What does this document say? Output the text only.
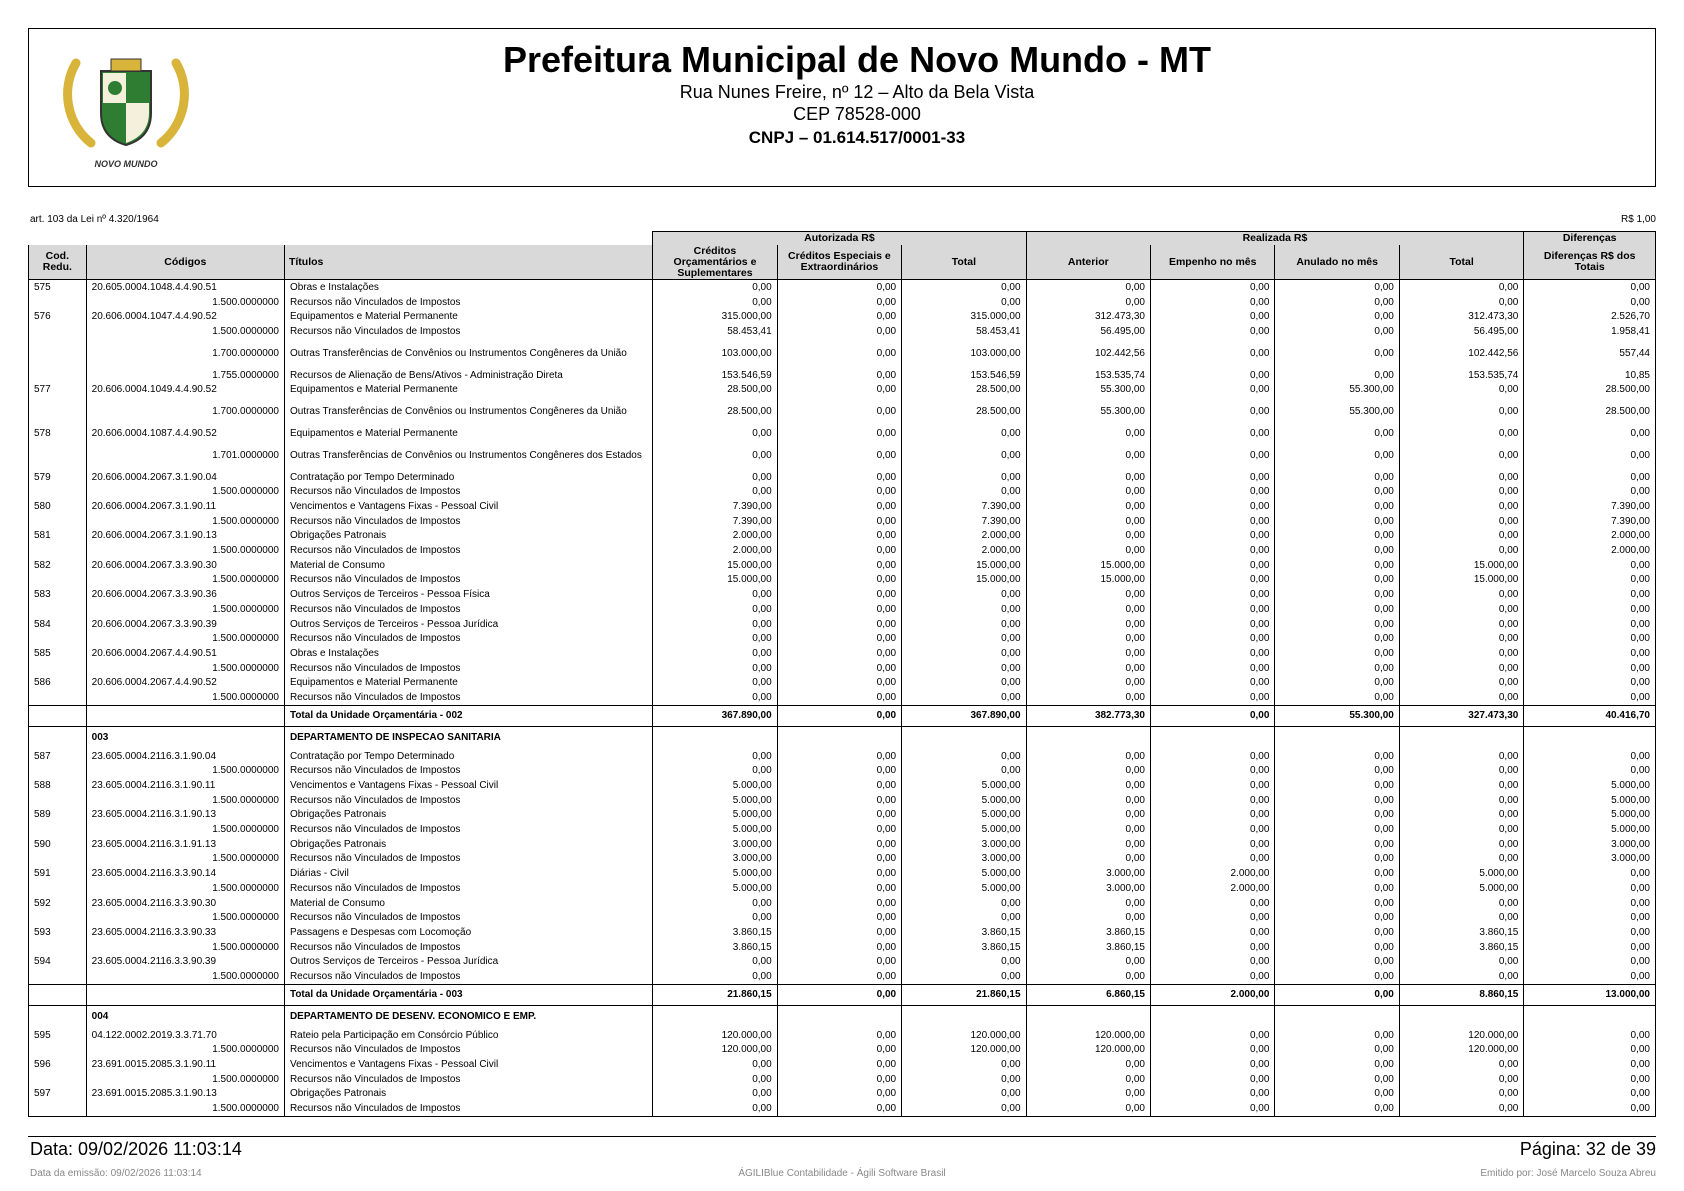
NOVO MUNDO
Prefeitura Municipal de Novo Mundo - MT
Rua Nunes Freire, nº 12 – Alto da Bela Vista
CEP 78528-000
CNPJ – 01.614.517/0001-33
art. 103 da Lei nº 4.320/1964	R$ 1,00
			Autorizada R$			Realizada R$				Diferenças
Cod. Redu.	Códigos	Títulos	Créditos Orçamentários e Suplementares	Créditos Especiais e Extraordinários	Total	Anterior	Empenho no mês	Anulado no mês	Total	Diferenças R$ dos Totais
575	20.605.0004.1048.4.4.90.51	Obras e Instalações	0,00	0,00	0,00	0,00	0,00	0,00	0,00	0,00
	1.500.0000000	Recursos não Vinculados de Impostos	0,00	0,00	0,00	0,00	0,00	0,00	0,00	0,00
576	20.606.0004.1047.4.4.90.52	Equipamentos e Material Permanente	315.000,00	0,00	315.000,00	312.473,30	0,00	0,00	312.473,30	2.526,70
	1.500.0000000	Recursos não Vinculados de Impostos	58.453,41	0,00	58.453,41	56.495,00	0,00	0,00	56.495,00	1.958,41
	1.700.0000000	Outras Transferências de Convênios ou Instrumentos Congêneres da União	103.000,00	0,00	103.000,00	102.442,56	0,00	0,00	102.442,56	557,44
	1.755.0000000	Recursos de Alienação de Bens/Ativos - Administração Direta	153.546,59	0,00	153.546,59	153.535,74	0,00	0,00	153.535,74	10,85
577	20.606.0004.1049.4.4.90.52	Equipamentos e Material Permanente	28.500,00	0,00	28.500,00	55.300,00	0,00	55.300,00	0,00	28.500,00
	1.700.0000000	Outras Transferências de Convênios ou Instrumentos Congêneres da União	28.500,00	0,00	28.500,00	55.300,00	0,00	55.300,00	0,00	28.500,00
578	20.606.0004.1087.4.4.90.52	Equipamentos e Material Permanente	0,00	0,00	0,00	0,00	0,00	0,00	0,00	0,00
	1.701.0000000	Outras Transferências de Convênios ou Instrumentos Congêneres dos Estados	0,00	0,00	0,00	0,00	0,00	0,00	0,00	0,00
579	20.606.0004.2067.3.1.90.04	Contratação por Tempo Determinado	0,00	0,00	0,00	0,00	0,00	0,00	0,00	0,00
	1.500.0000000	Recursos não Vinculados de Impostos	0,00	0,00	0,00	0,00	0,00	0,00	0,00	0,00
580	20.606.0004.2067.3.1.90.11	Vencimentos e Vantagens Fixas - Pessoal Civil	7.390,00	0,00	7.390,00	0,00	0,00	0,00	0,00	7.390,00
	1.500.0000000	Recursos não Vinculados de Impostos	7.390,00	0,00	7.390,00	0,00	0,00	0,00	0,00	7.390,00
581	20.606.0004.2067.3.1.90.13	Obrigações Patronais	2.000,00	0,00	2.000,00	0,00	0,00	0,00	0,00	2.000,00
	1.500.0000000	Recursos não Vinculados de Impostos	2.000,00	0,00	2.000,00	0,00	0,00	0,00	0,00	2.000,00
582	20.606.0004.2067.3.3.90.30	Material de Consumo	15.000,00	0,00	15.000,00	15.000,00	0,00	0,00	15.000,00	0,00
	1.500.0000000	Recursos não Vinculados de Impostos	15.000,00	0,00	15.000,00	15.000,00	0,00	0,00	15.000,00	0,00
583	20.606.0004.2067.3.3.90.36	Outros Serviços de Terceiros - Pessoa Física	0,00	0,00	0,00	0,00	0,00	0,00	0,00	0,00
	1.500.0000000	Recursos não Vinculados de Impostos	0,00	0,00	0,00	0,00	0,00	0,00	0,00	0,00
584	20.606.0004.2067.3.3.90.39	Outros Serviços de Terceiros - Pessoa Jurídica	0,00	0,00	0,00	0,00	0,00	0,00	0,00	0,00
	1.500.0000000	Recursos não Vinculados de Impostos	0,00	0,00	0,00	0,00	0,00	0,00	0,00	0,00
585	20.606.0004.2067.4.4.90.51	Obras e Instalações	0,00	0,00	0,00	0,00	0,00	0,00	0,00	0,00
	1.500.0000000	Recursos não Vinculados de Impostos	0,00	0,00	0,00	0,00	0,00	0,00	0,00	0,00
586	20.606.0004.2067.4.4.90.52	Equipamentos e Material Permanente	0,00	0,00	0,00	0,00	0,00	0,00	0,00	0,00
	1.500.0000000	Recursos não Vinculados de Impostos	0,00	0,00	0,00	0,00	0,00	0,00	0,00	0,00
		Total da Unidade Orçamentária - 002	367.890,00	0,00	367.890,00	382.773,30	0,00	55.300,00	327.473,30	40.416,70
	003	DEPARTAMENTO DE INSPECAO SANITARIA								
587	23.605.0004.2116.3.1.90.04	Contratação por Tempo Determinado	0,00	0,00	0,00	0,00	0,00	0,00	0,00	0,00
	1.500.0000000	Recursos não Vinculados de Impostos	0,00	0,00	0,00	0,00	0,00	0,00	0,00	0,00
588	23.605.0004.2116.3.1.90.11	Vencimentos e Vantagens Fixas - Pessoal Civil	5.000,00	0,00	5.000,00	0,00	0,00	0,00	0,00	5.000,00
	1.500.0000000	Recursos não Vinculados de Impostos	5.000,00	0,00	5.000,00	0,00	0,00	0,00	0,00	5.000,00
589	23.605.0004.2116.3.1.90.13	Obrigações Patronais	5.000,00	0,00	5.000,00	0,00	0,00	0,00	0,00	5.000,00
	1.500.0000000	Recursos não Vinculados de Impostos	5.000,00	0,00	5.000,00	0,00	0,00	0,00	0,00	5.000,00
590	23.605.0004.2116.3.1.91.13	Obrigações Patronais	3.000,00	0,00	3.000,00	0,00	0,00	0,00	0,00	3.000,00
	1.500.0000000	Recursos não Vinculados de Impostos	3.000,00	0,00	3.000,00	0,00	0,00	0,00	0,00	3.000,00
591	23.605.0004.2116.3.3.90.14	Diárias - Civil	5.000,00	0,00	5.000,00	3.000,00	2.000,00	0,00	5.000,00	0,00
	1.500.0000000	Recursos não Vinculados de Impostos	5.000,00	0,00	5.000,00	3.000,00	2.000,00	0,00	5.000,00	0,00
592	23.605.0004.2116.3.3.90.30	Material de Consumo	0,00	0,00	0,00	0,00	0,00	0,00	0,00	0,00
	1.500.0000000	Recursos não Vinculados de Impostos	0,00	0,00	0,00	0,00	0,00	0,00	0,00	0,00
593	23.605.0004.2116.3.3.90.33	Passagens e Despesas com Locomoção	3.860,15	0,00	3.860,15	3.860,15	0,00	0,00	3.860,15	0,00
	1.500.0000000	Recursos não Vinculados de Impostos	3.860,15	0,00	3.860,15	3.860,15	0,00	0,00	3.860,15	0,00
594	23.605.0004.2116.3.3.90.39	Outros Serviços de Terceiros - Pessoa Jurídica	0,00	0,00	0,00	0,00	0,00	0,00	0,00	0,00
	1.500.0000000	Recursos não Vinculados de Impostos	0,00	0,00	0,00	0,00	0,00	0,00	0,00	0,00
		Total da Unidade Orçamentária - 003	21.860,15	0,00	21.860,15	6.860,15	2.000,00	0,00	8.860,15	13.000,00
	004	DEPARTAMENTO DE DESENV. ECONOMICO E EMP.								
595	04.122.0002.2019.3.3.71.70	Rateio pela Participação em Consórcio Público	120.000,00	0,00	120.000,00	120.000,00	0,00	0,00	120.000,00	0,00
	1.500.0000000	Recursos não Vinculados de Impostos	120.000,00	0,00	120.000,00	120.000,00	0,00	0,00	120.000,00	0,00
596	23.691.0015.2085.3.1.90.11	Vencimentos e Vantagens Fixas - Pessoal Civil	0,00	0,00	0,00	0,00	0,00	0,00	0,00	0,00
	1.500.0000000	Recursos não Vinculados de Impostos	0,00	0,00	0,00	0,00	0,00	0,00	0,00	0,00
597	23.691.0015.2085.3.1.90.13	Obrigações Patronais	0,00	0,00	0,00	0,00	0,00	0,00	0,00	0,00
	1.500.0000000	Recursos não Vinculados de Impostos	0,00	0,00	0,00	0,00	0,00	0,00	0,00	0,00
Data: 09/02/2026 11:03:14	Página: 32 de 39
Data da emissão: 09/02/2026 11:03:14	ÁGILIBlue Contabilidade - Ágili Software Brasil	Emitido por: José Marcelo Souza Abreu
